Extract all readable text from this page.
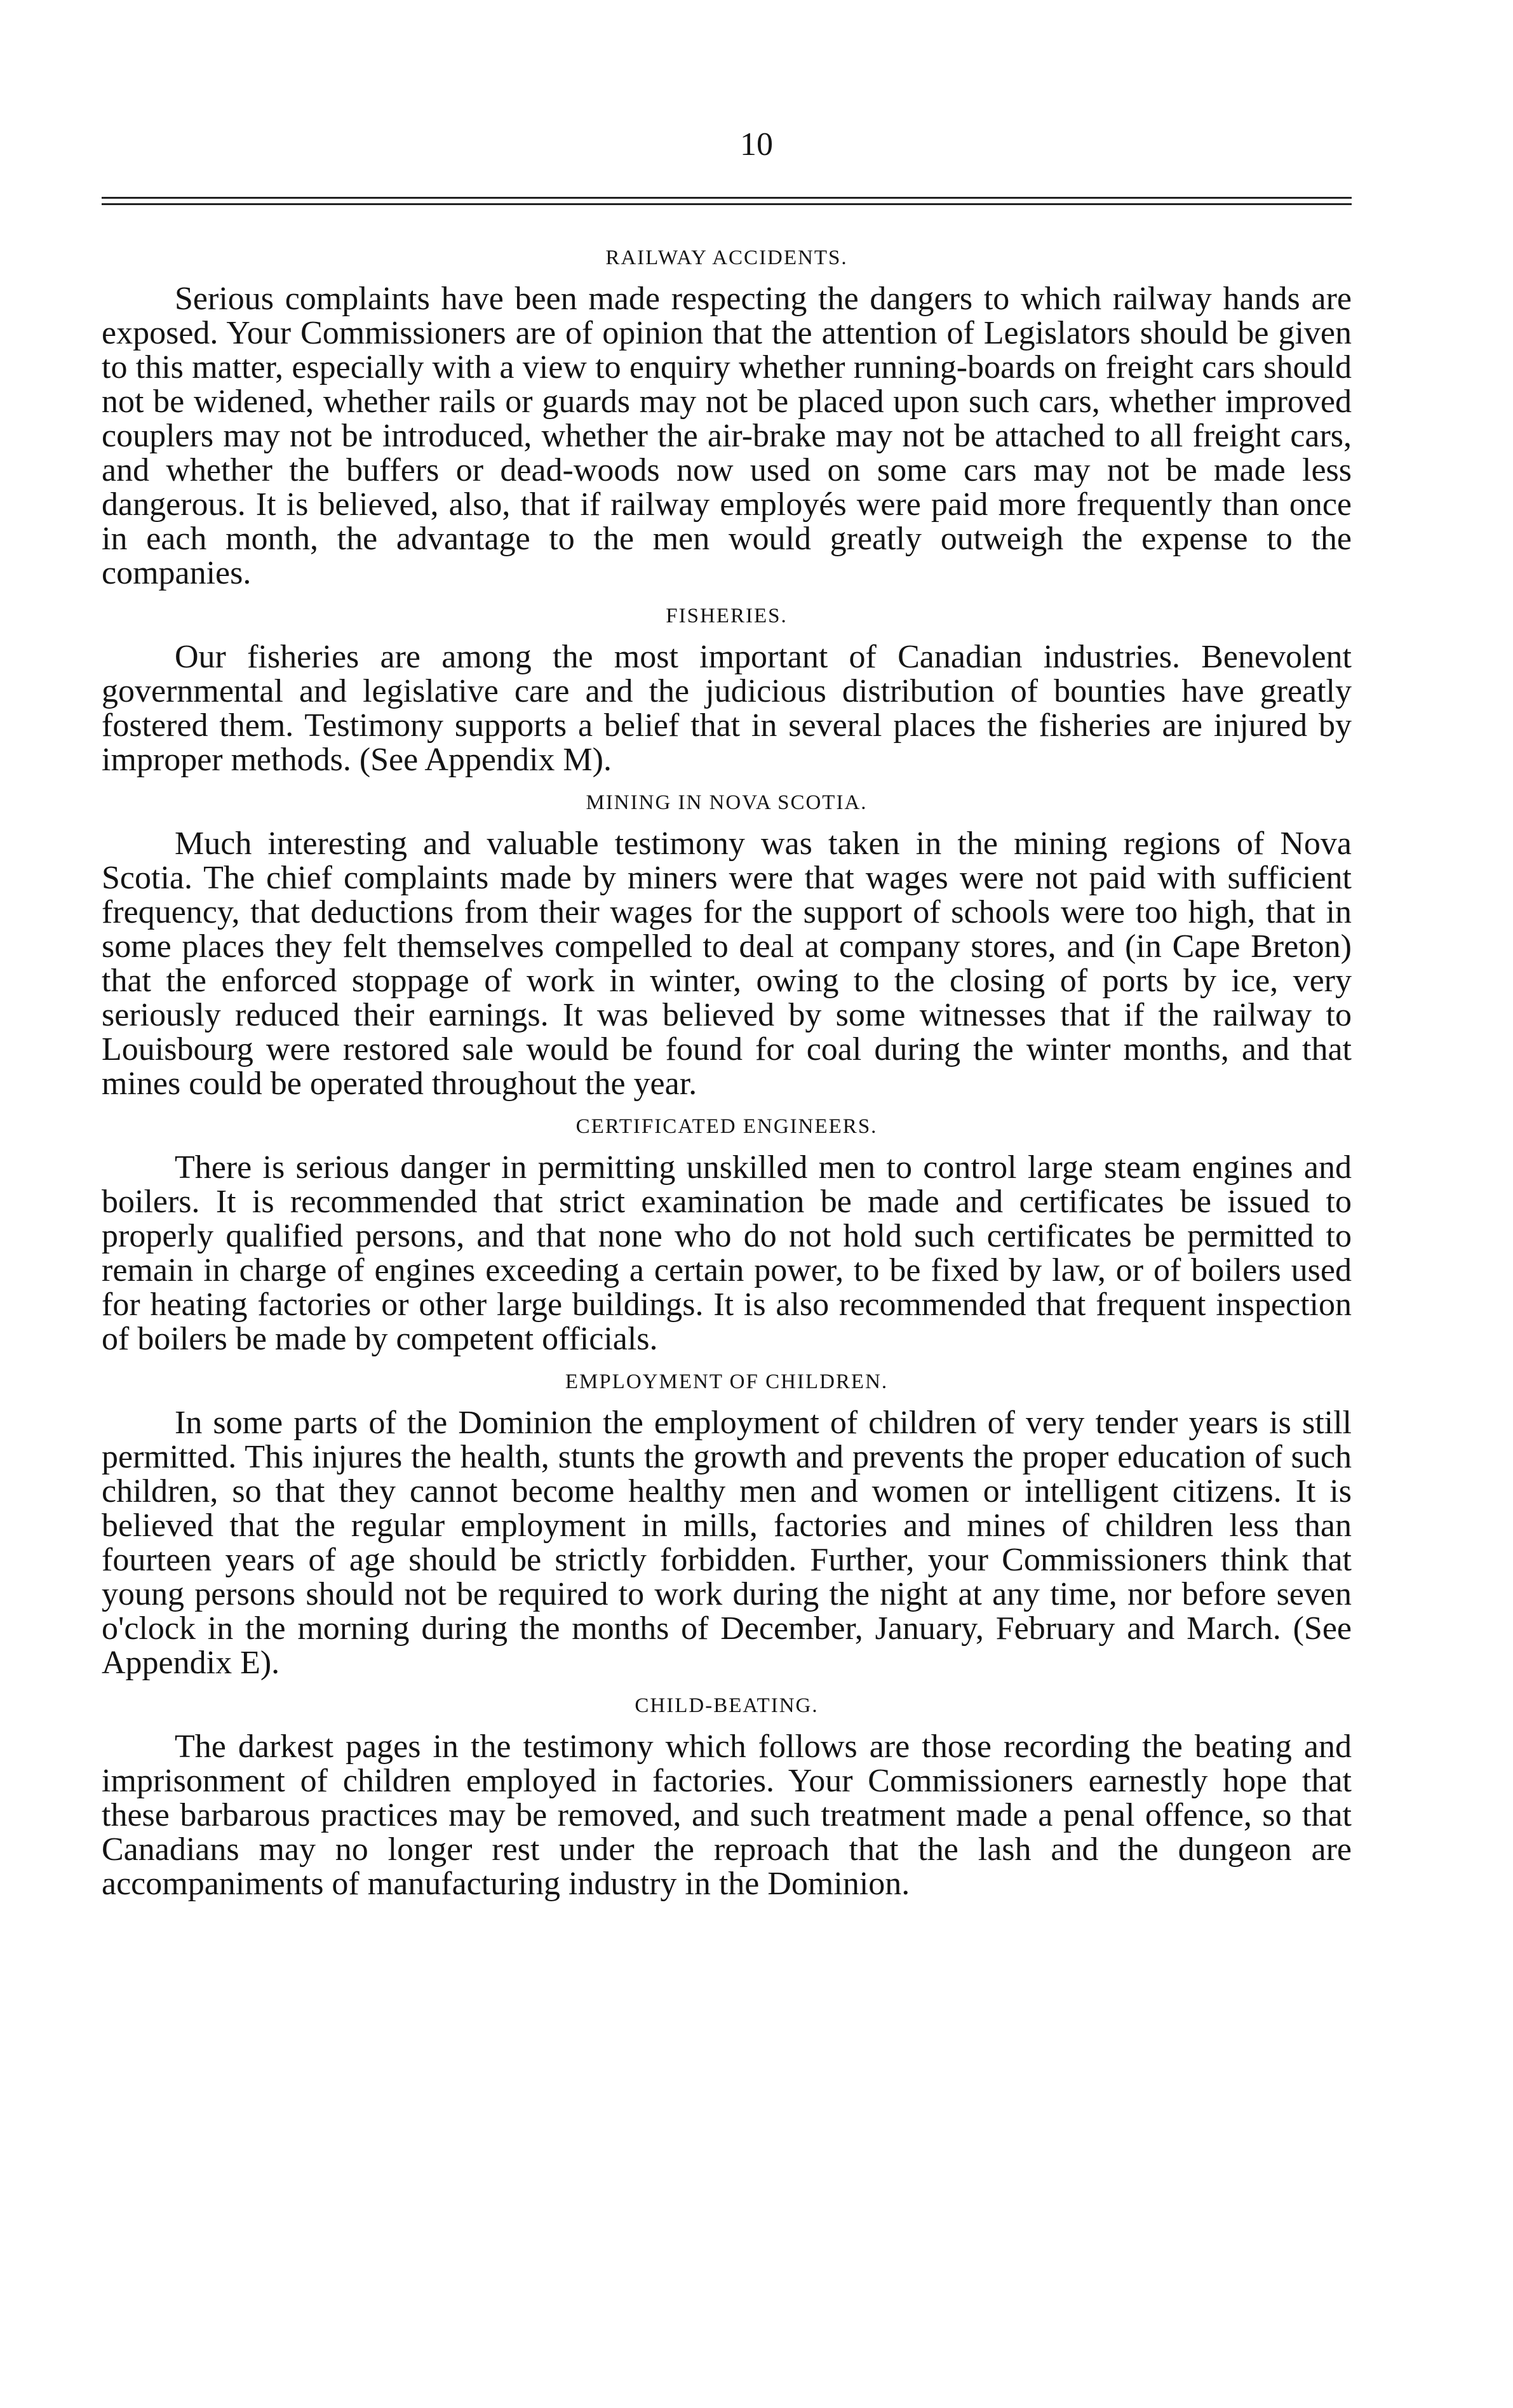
10
RAILWAY ACCIDENTS.

Serious complaints have been made respecting the dangers to which railway hands are exposed. Your Commissioners are of opinion that the attention of Legislators should be given to this matter, especially with a view to enquiry whether running-boards on freight cars should not be widened, whether rails or guards may not be placed upon such cars, whether improved couplers may not be introduced, whether the air-brake may not be attached to all freight cars, and whether the buffers or dead-woods now used on some cars may not be made less dangerous. It is believed, also, that if railway employés were paid more frequently than once in each month, the advantage to the men would greatly outweigh the expense to the companies.

FISHERIES.

Our fisheries are among the most important of Canadian industries. Benevolent governmental and legislative care and the judicious distribution of bounties have greatly fostered them. Testimony supports a belief that in several places the fisheries are injured by improper methods. (See Appendix M).

MINING IN NOVA SCOTIA.

Much interesting and valuable testimony was taken in the mining regions of Nova Scotia. The chief complaints made by miners were that wages were not paid with sufficient frequency, that deductions from their wages for the support of schools were too high, that in some places they felt themselves compelled to deal at company stores, and (in Cape Breton) that the enforced stoppage of work in winter, owing to the closing of ports by ice, very seriously reduced their earnings. It was believed by some witnesses that if the railway to Louisbourg were restored sale would be found for coal during the winter months, and that mines could be operated throughout the year.

CERTIFICATED ENGINEERS.

There is serious danger in permitting unskilled men to control large steam engines and boilers. It is recommended that strict examination be made and certificates be issued to properly qualified persons, and that none who do not hold such certificates be permitted to remain in charge of engines exceeding a certain power, to be fixed by law, or of boilers used for heating factories or other large buildings. It is also recommended that frequent inspection of boilers be made by competent officials.

EMPLOYMENT OF CHILDREN.

In some parts of the Dominion the employment of children of very tender years is still permitted. This injures the health, stunts the growth and prevents the proper education of such children, so that they cannot become healthy men and women or intelligent citizens. It is believed that the regular employment in mills, factories and mines of children less than fourteen years of age should be strictly forbidden. Further, your Commissioners think that young persons should not be required to work during the night at any time, nor before seven o'clock in the morning during the months of December, January, February and March. (See Appendix E).

CHILD-BEATING.

The darkest pages in the testimony which follows are those recording the beating and imprisonment of children employed in factories. Your Commissioners earnestly hope that these barbarous practices may be removed, and such treatment made a penal offence, so that Canadians may no longer rest under the reproach that the lash and the dungeon are accompaniments of manufacturing industry in the Dominion.
